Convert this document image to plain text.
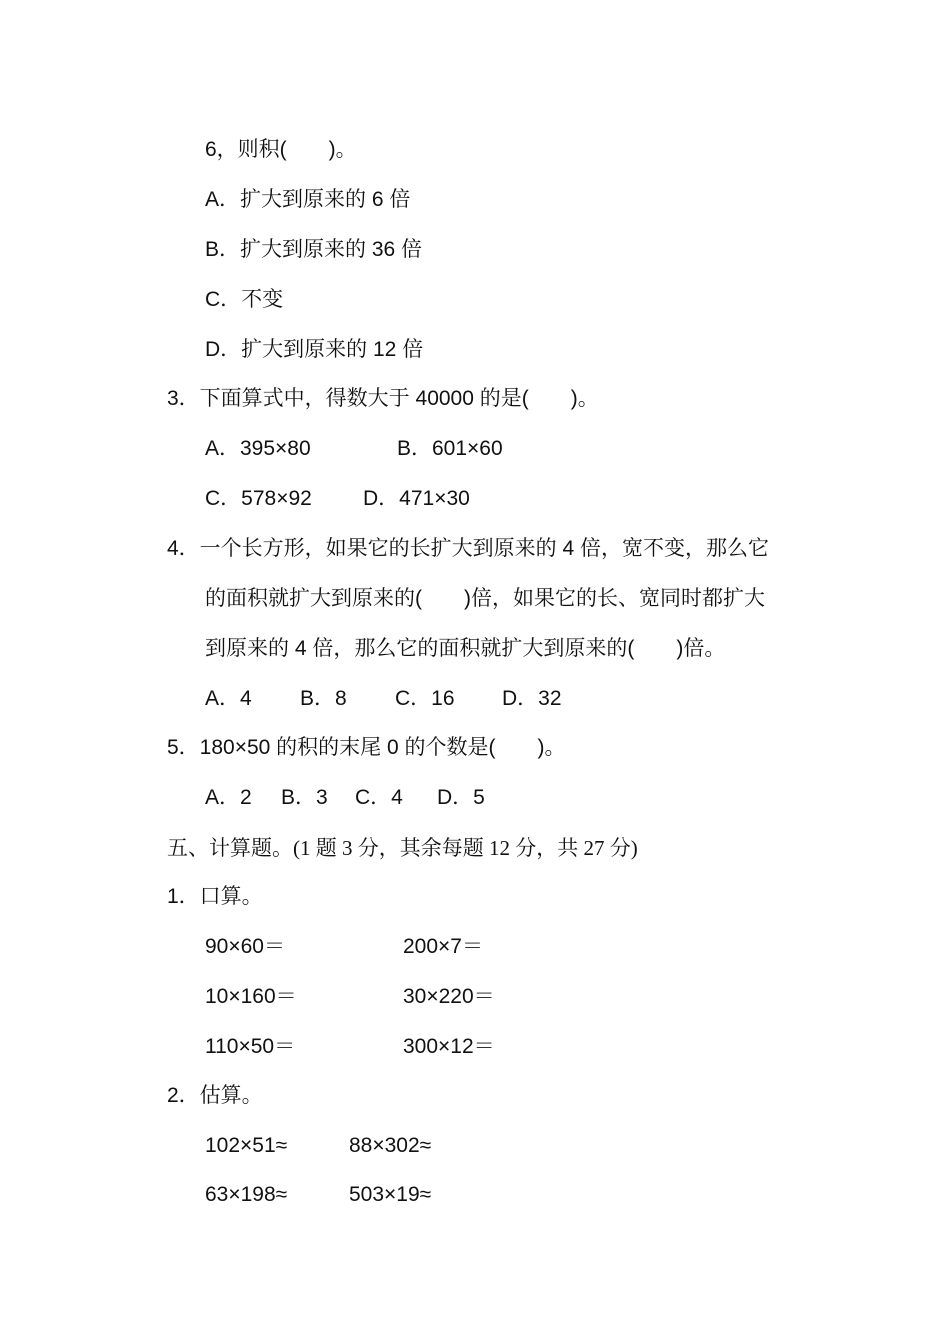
6，则积(　　)。
A．扩大到原来的 6 倍
B．扩大到原来的 36 倍
C．不变
D．扩大到原来的 12 倍
3．下面算式中，得数大于 40000 的是(　　)。
A．395×80	B．601×60
C．578×92 D．471×30
4．一个长方形，如果它的长扩大到原来的 4 倍，宽不变，那么它
的面积就扩大到原来的(　　)倍，如果它的长、宽同时都扩大
到原来的 4 倍，那么它的面积就扩大到原来的(　　)倍。
A．4 B．8 C．16 D．32
5．180×50 的积的末尾 0 的个数是(　　)。
A．2 B．3 C．4 D．5
五、计算题。(1 题 3 分，其余每题 12 分，共 27 分)
1．口算。
90×60＝	200×7＝
10×160＝	30×220＝
110×50＝	300×12＝
2．估算。
102×51≈	88×302≈
63×198≈	503×19≈
